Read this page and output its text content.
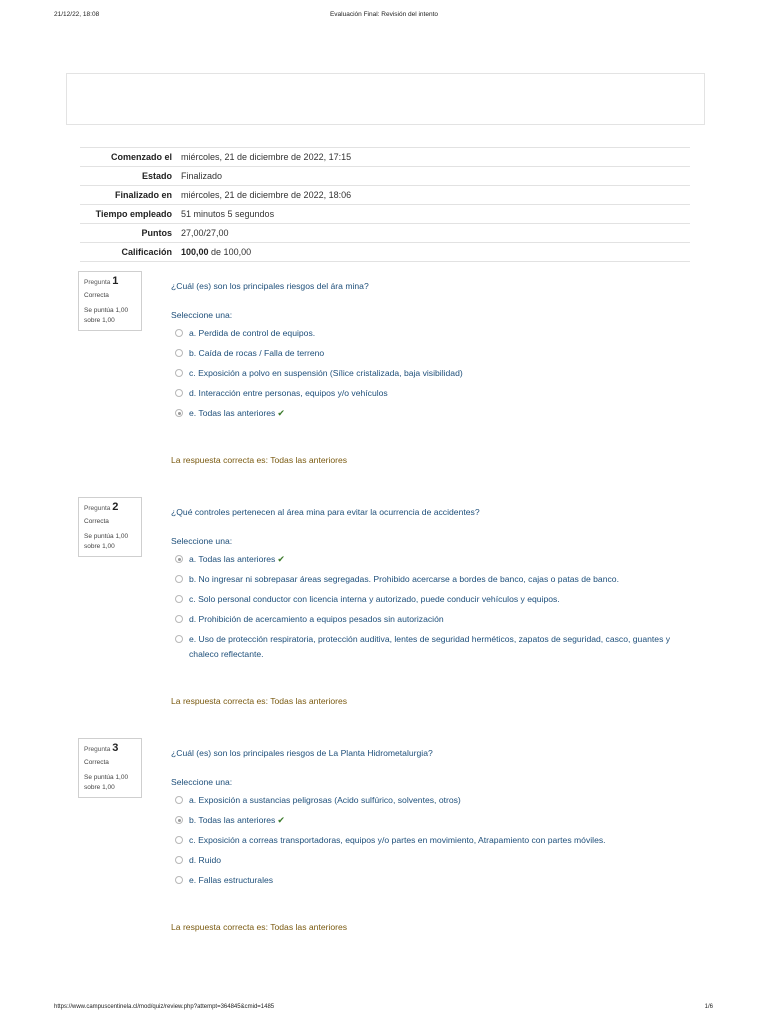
21/12/22, 18:08	Evaluación Final: Revisión del intento
Comenzado el	miércoles, 21 de diciembre de 2022, 17:15
Estado	Finalizado
Finalizado en	miércoles, 21 de diciembre de 2022, 18:06
Tiempo empleado	51 minutos 5 segundos
Puntos	27,00/27,00
Calificación	100,00 de 100,00
Pregunta 1
Correcta
Se puntúa 1,00 sobre 1,00
¿Cuál (es) son los principales riesgos del ára mina?
Seleccione una:
a. Perdida de control de equipos.
b. Caída de rocas / Falla de terreno
c. Exposición a polvo en suspensión (Sílice cristalizada, baja visibilidad)
d. Interacción entre personas, equipos y/o vehículos
e. Todas las anteriores ✔
La respuesta correcta es: Todas las anteriores
Pregunta 2
Correcta
Se puntúa 1,00 sobre 1,00
¿Qué controles pertenecen al área mina para evitar la ocurrencia de accidentes?
Seleccione una:
a. Todas las anteriores ✔
b. No ingresar ni sobrepasar áreas segregadas. Prohibido acercarse a bordes de banco, cajas o patas de banco.
c. Solo personal conductor con licencia interna y autorizado, puede conducir vehículos y equipos.
d. Prohibición de acercamiento a equipos pesados sin autorización
e. Uso de protección respiratoria, protección auditiva, lentes de seguridad herméticos, zapatos de seguridad, casco, guantes y chaleco reflectante.
La respuesta correcta es: Todas las anteriores
Pregunta 3
Correcta
Se puntúa 1,00 sobre 1,00
¿Cuál (es) son los principales riesgos de La Planta Hidrometalurgia?
Seleccione una:
a. Exposición a sustancias peligrosas (Acido sulfúrico, solventes, otros)
b. Todas las anteriores ✔
c. Exposición a correas transportadoras, equipos y/o partes en movimiento, Atrapamiento con partes móviles.
d. Ruido
e. Fallas estructurales
La respuesta correcta es: Todas las anteriores
https://www.campuscentinela.cl/mod/quiz/review.php?attempt=364845&cmid=1485	1/6
